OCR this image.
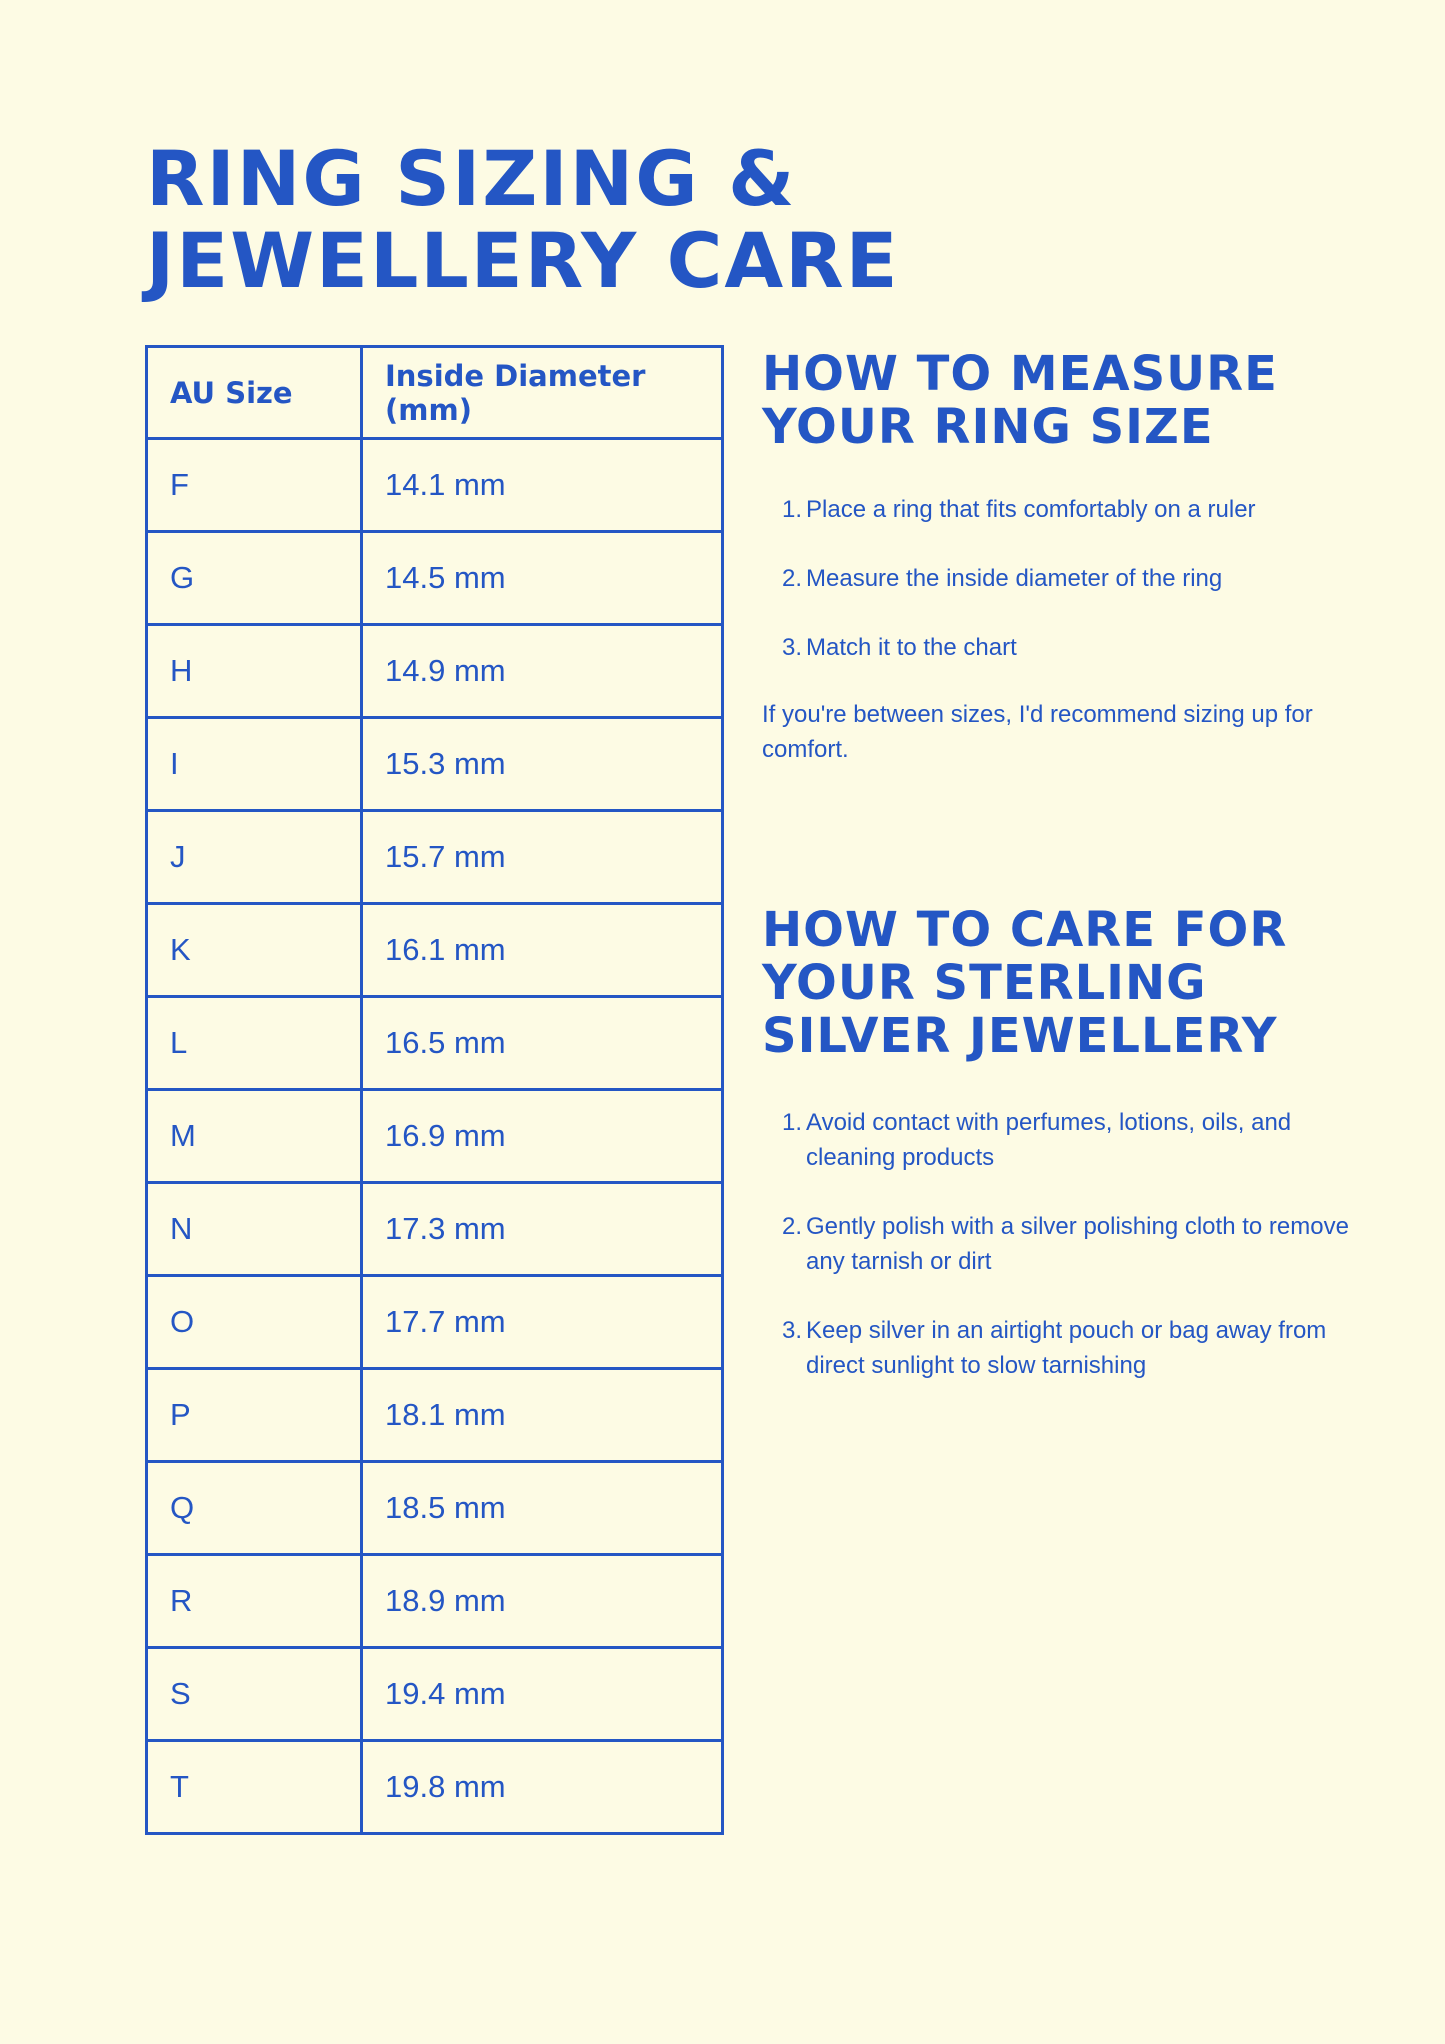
RING SIZING &
JEWELLERY CARE
AU Size	Inside Diameter (mm)
F	14.1 mm
G	14.5 mm
H	14.9 mm
I	15.3 mm
J	15.7 mm
K	16.1 mm
L	16.5 mm
M	16.9 mm
N	17.3 mm
O	17.7 mm
P	18.1 mm
Q	18.5 mm
R	18.9 mm
S	19.4 mm
T	19.8 mm
HOW TO MEASURE
YOUR RING SIZE
1. Place a ring that fits comfortably on a ruler
2. Measure the inside diameter of the ring
3. Match it to the chart

If you're between sizes, I'd recommend sizing up for comfort.

HOW TO CARE FOR
YOUR STERLING
SILVER JEWELLERY
1. Avoid contact with perfumes, lotions, oils, and cleaning products
2. Gently polish with a silver polishing cloth to remove any tarnish or dirt
3. Keep silver in an airtight pouch or bag away from direct sunlight to slow tarnishing
